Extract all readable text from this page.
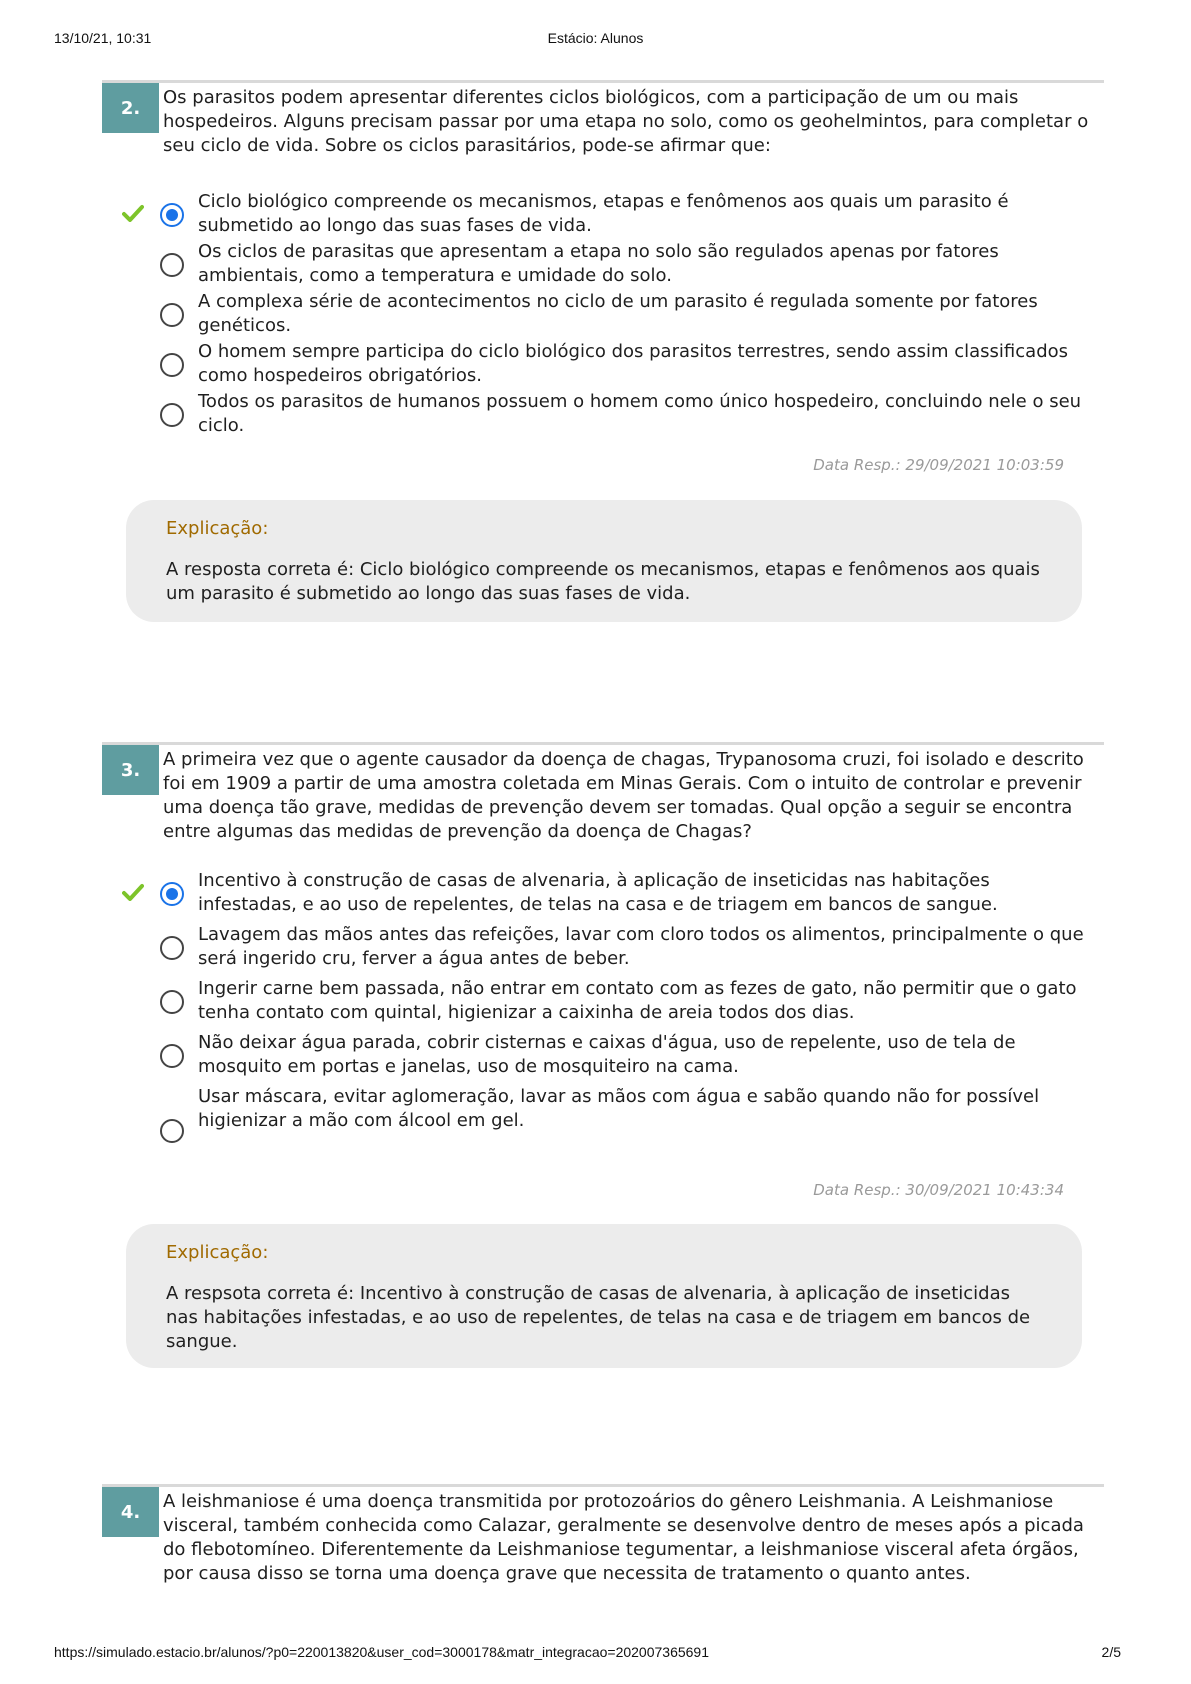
13/10/21, 10:31	Estácio: Alunos
2.	Os parasitos podem apresentar diferentes ciclos biológicos, com a participação de um ou mais hospedeiros. Alguns precisam passar por uma etapa no solo, como os geohelmintos, para completar o seu ciclo de vida. Sobre os ciclos parasitários, pode-se afirmar que:
Ciclo biológico compreende os mecanismos, etapas e fenômenos aos quais um parasito é submetido ao longo das suas fases de vida.
Os ciclos de parasitas que apresentam a etapa no solo são regulados apenas por fatores ambientais, como a temperatura e umidade do solo.
A complexa série de acontecimentos no ciclo de um parasito é regulada somente por fatores genéticos.
O homem sempre participa do ciclo biológico dos parasitos terrestres, sendo assim classificados como hospedeiros obrigatórios.
Todos os parasitos de humanos possuem o homem como único hospedeiro, concluindo nele o seu ciclo.
Data Resp.: 29/09/2021 10:03:59
Explicação:
A resposta correta é: Ciclo biológico compreende os mecanismos, etapas e fenômenos aos quais um parasito é submetido ao longo das suas fases de vida.
3.	A primeira vez que o agente causador da doença de chagas, Trypanosoma cruzi, foi isolado e descrito foi em 1909 a partir de uma amostra coletada em Minas Gerais. Com o intuito de controlar e prevenir uma doença tão grave, medidas de prevenção devem ser tomadas. Qual opção a seguir se encontra entre algumas das medidas de prevenção da doença de Chagas?
Incentivo à construção de casas de alvenaria, à aplicação de inseticidas nas habitações infestadas, e ao uso de repelentes, de telas na casa e de triagem em bancos de sangue.
Lavagem das mãos antes das refeições, lavar com cloro todos os alimentos, principalmente o que será ingerido cru, ferver a água antes de beber.
Ingerir carne bem passada, não entrar em contato com as fezes de gato, não permitir que o gato tenha contato com quintal, higienizar a caixinha de areia todos dos dias.
Não deixar água parada, cobrir cisternas e caixas d'água, uso de repelente, uso de tela de mosquito em portas e janelas, uso de mosquiteiro na cama.
Usar máscara, evitar aglomeração, lavar as mãos com água e sabão quando não for possível higienizar a mão com álcool em gel.
Data Resp.: 30/09/2021 10:43:34
Explicação:
A respsota correta é: Incentivo à construção de casas de alvenaria, à aplicação de inseticidas nas habitações infestadas, e ao uso de repelentes, de telas na casa e de triagem em bancos de sangue.
4.	A leishmaniose é uma doença transmitida por protozoários do gênero Leishmania. A Leishmaniose visceral, também conhecida como Calazar, geralmente se desenvolve dentro de meses após a picada do flebotomíneo. Diferentemente da Leishmaniose tegumentar, a leishmaniose visceral afeta órgãos, por causa disso se torna uma doença grave que necessita de tratamento o quanto antes.
https://simulado.estacio.br/alunos/?p0=220013820&user_cod=3000178&matr_integracao=202007365691	2/5
